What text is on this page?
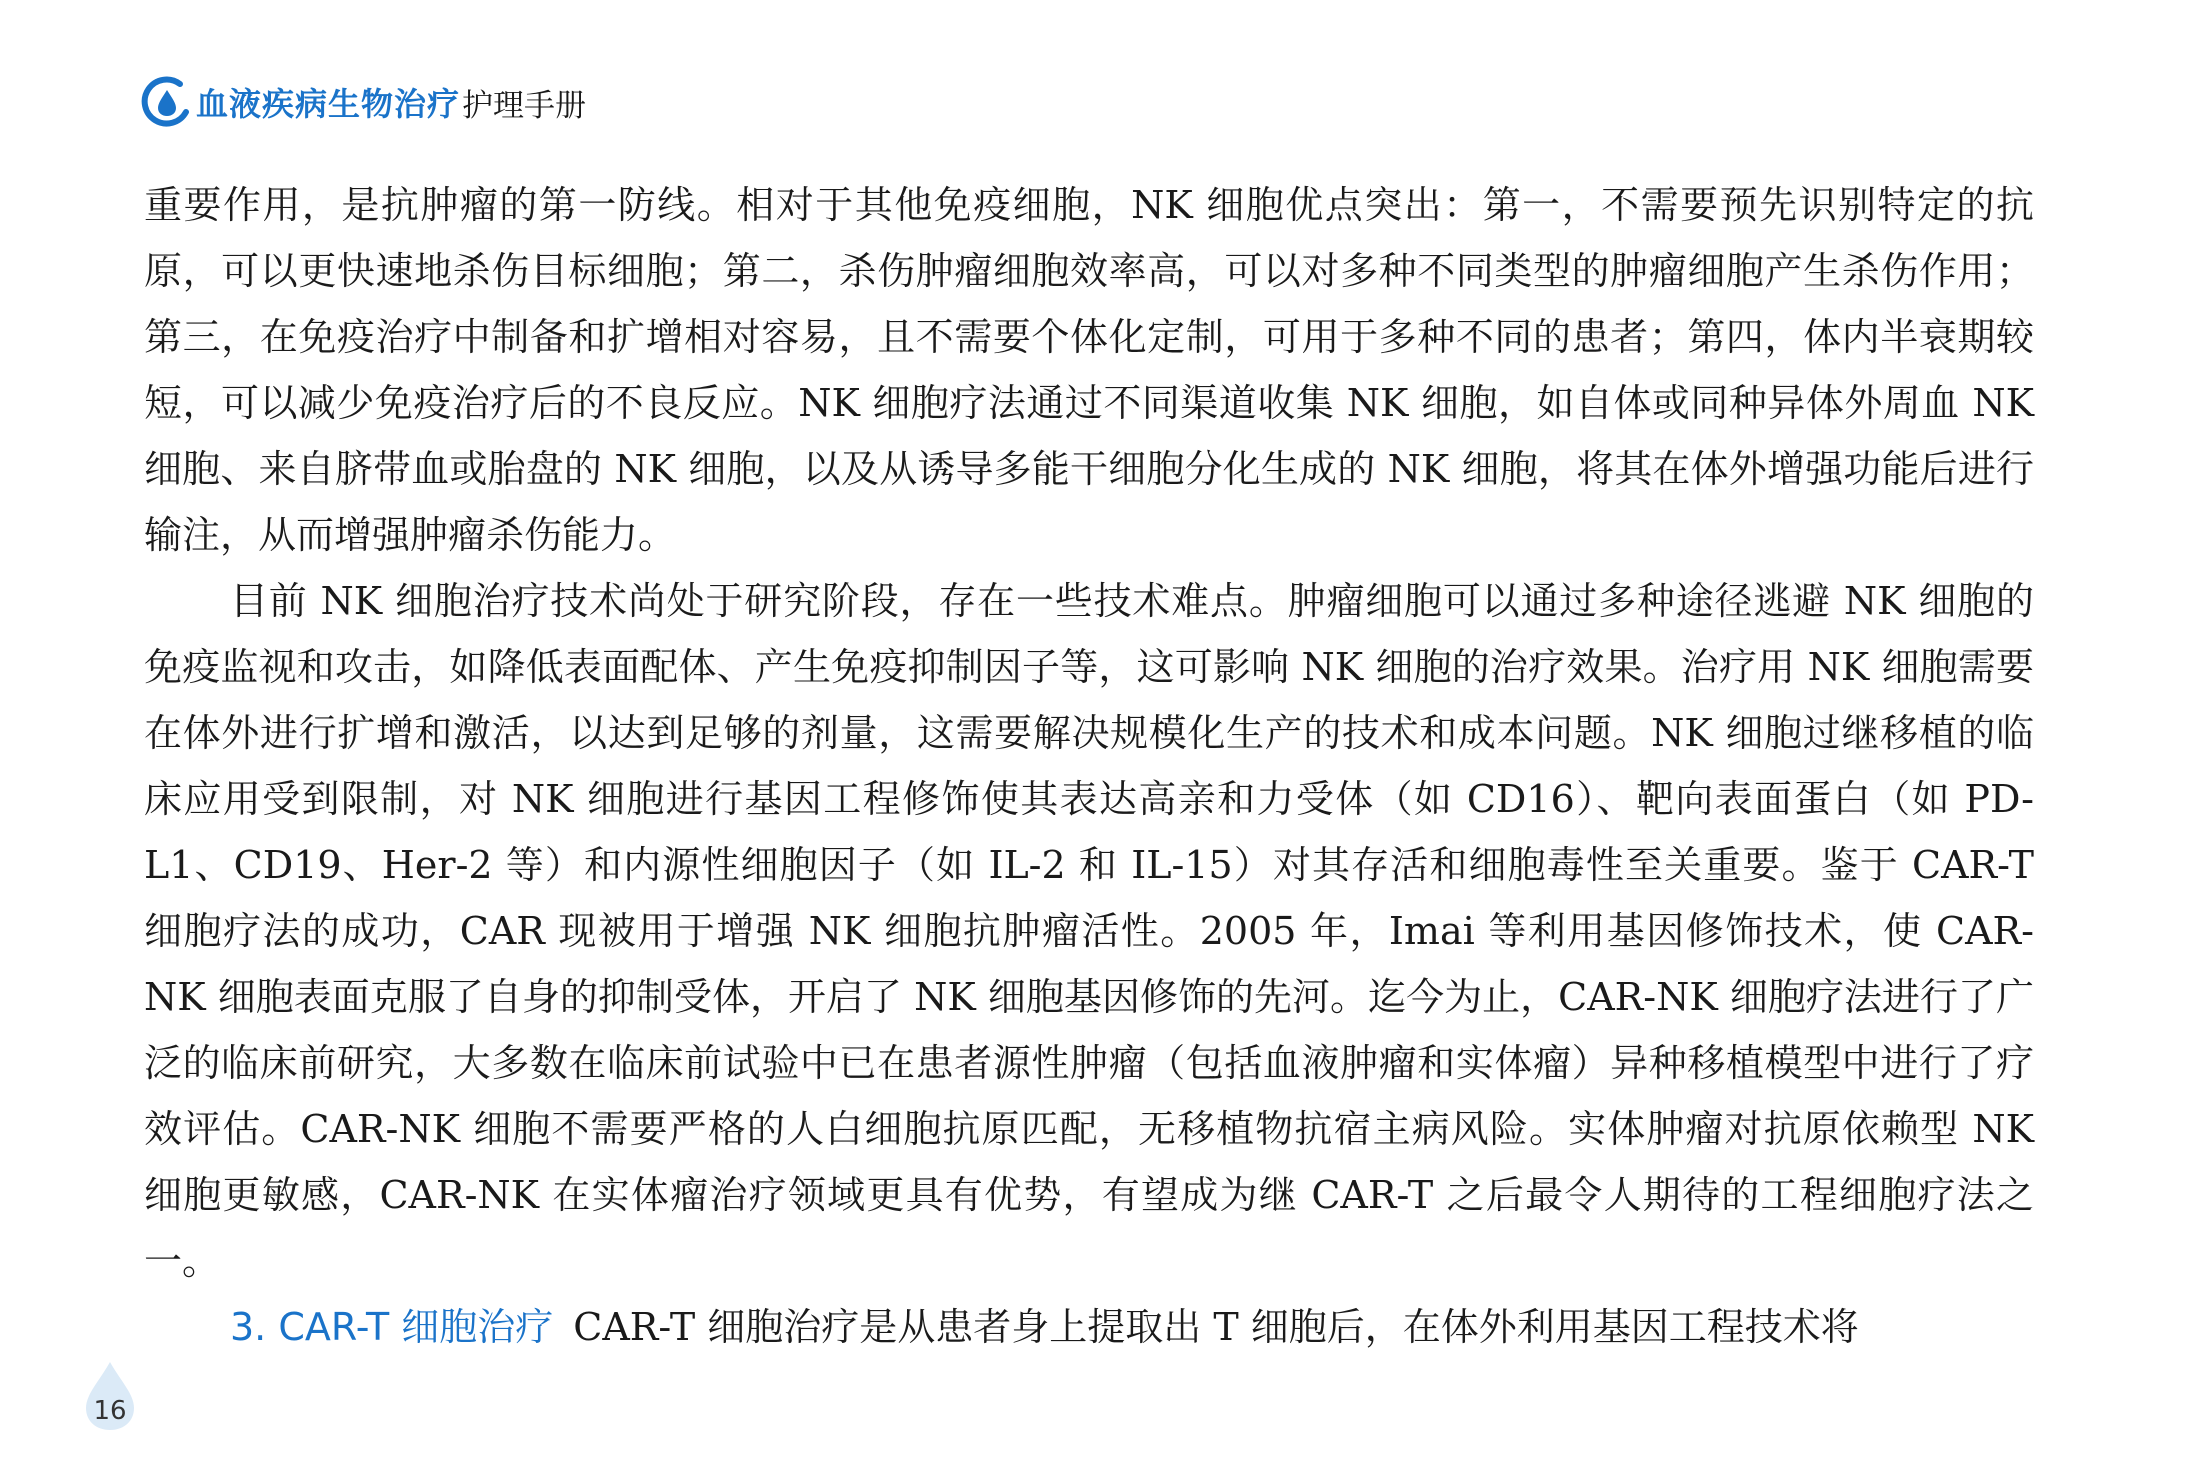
血液疾病生物治疗 护理手册

重要作用，是抗肿瘤的第一防线。相对于其他免疫细胞，NK 细胞优点突出：第一，不需要预先识别特定的抗原，可以更快速地杀伤目标细胞；第二，杀伤肿瘤细胞效率高，可以对多种不同类型的肿瘤细胞产生杀伤作用；第三，在免疫治疗中制备和扩增相对容易，且不需要个体化定制，可用于多种不同的患者；第四，体内半衰期较短，可以减少免疫治疗后的不良反应。NK 细胞疗法通过不同渠道收集 NK 细胞，如自体或同种异体外周血 NK 细胞、来自脐带血或胎盘的 NK 细胞，以及从诱导多能干细胞分化生成的 NK 细胞，将其在体外增强功能后进行输注，从而增强肿瘤杀伤能力。

目前 NK 细胞治疗技术尚处于研究阶段，存在一些技术难点。肿瘤细胞可以通过多种途径逃避 NK 细胞的免疫监视和攻击，如降低表面配体、产生免疫抑制因子等，这可影响 NK 细胞的治疗效果。治疗用 NK 细胞需要在体外进行扩增和激活，以达到足够的剂量，这需要解决规模化生产的技术和成本问题。NK 细胞过继移植的临床应用受到限制，对 NK 细胞进行基因工程修饰使其表达高亲和力受体（如 CD16）、靶向表面蛋白（如 PD-L1、CD19、Her-2 等）和内源性细胞因子（如 IL-2 和 IL-15）对其存活和细胞毒性至关重要。鉴于 CAR-T 细胞疗法的成功，CAR 现被用于增强 NK 细胞抗肿瘤活性。2005 年，Imai 等利用基因修饰技术，使 CAR-NK 细胞表面克服了自身的抑制受体，开启了 NK 细胞基因修饰的先河。迄今为止，CAR-NK 细胞疗法进行了广泛的临床前研究，大多数在临床前试验中已在患者源性肿瘤（包括血液肿瘤和实体瘤）异种移植模型中进行了疗效评估。CAR-NK 细胞不需要严格的人白细胞抗原匹配，无移植物抗宿主病风险。实体肿瘤对抗原依赖型 NK 细胞更敏感，CAR-NK 在实体瘤治疗领域更具有优势，有望成为继 CAR-T 之后最令人期待的工程细胞疗法之一。

3. CAR-T 细胞治疗 CAR-T 细胞治疗是从患者身上提取出 T 细胞后，在体外利用基因工程技术将

16
